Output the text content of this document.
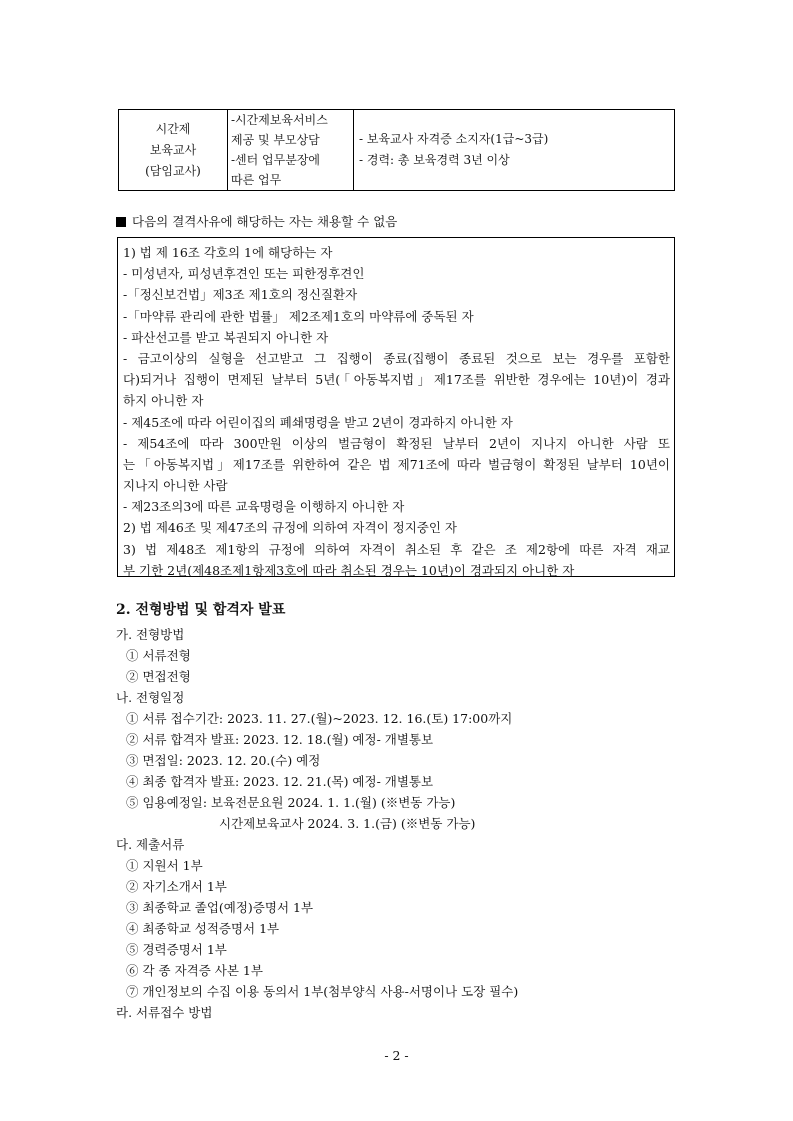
시간제
보육교사
(담임교사)

-시간제보육서비스
제공 및 부모상담
-센터 업무분장에
따른 업무

- 보육교사 자격증 소지자(1급~3급)
- 경력: 총 보육경력 3년 이상
다음의 결격사유에 해당하는 자는 채용할 수 없음
1) 법 제 16조 각호의 1에 해당하는 자
- 미성년자, 피성년후견인 또는 피한정후견인
-「정신보건법」제3조 제1호의 정신질환자
-「마약류 관리에 관한 법률」 제2조제1호의 마약류에 중독된 자
- 파산선고를 받고 복권되지 아니한 자
- 금고이상의 실형을 선고받고 그 집행이 종료(집행이 종료된 것으로 보는 경우를 포함한
다)되거나 집행이 면제된 날부터 5년(「아동복지법」제17조를 위반한 경우에는 10년)이 경과
하지 아니한 자
- 제45조에 따라 어린이집의 폐쇄명령을 받고 2년이 경과하지 아니한 자
- 제54조에 따라 300만원 이상의 벌금형이 확정된 날부터 2년이 지나지 아니한 사람 또
는「아동복지법」제17조를 위한하여 같은 법 제71조에 따라 벌금형이 확정된 날부터 10년이
지나지 아니한 사람
- 제23조의3에 따른 교육명령을 이행하지 아니한 자
2) 법 제46조 및 제47조의 규정에 의하여 자격이 정지중인 자
3) 법 제48조 제1항의 규정에 의하여 자격이 취소된 후 같은 조 제2항에 따른 자격 재교
부 기한 2년(제48조제1항제3호에 따라 취소된 경우는 10년)이 경과되지 아니한 자
2. 전형방법 및 합격자 발표
가. 전형방법
① 서류전형
② 면접전형
나. 전형일정
① 서류 접수기간: 2023. 11. 27.(월)~2023. 12. 16.(토) 17:00까지
② 서류 합격자 발표: 2023. 12. 18.(월) 예정- 개별통보
③ 면접일: 2023. 12. 20.(수) 예정
④ 최종 합격자 발표: 2023. 12. 21.(목) 예정- 개별통보
⑤ 임용예정일: 보육전문요원 2024. 1. 1.(월) (※변동 가능)
시간제보육교사 2024. 3. 1.(금) (※변동 가능)
다. 제출서류
① 지원서 1부
② 자기소개서 1부
③ 최종학교 졸업(예정)증명서 1부
④ 최종학교 성적증명서 1부
⑤ 경력증명서 1부
⑥ 각 종 자격증 사본 1부
⑦ 개인정보의 수집 이용 동의서 1부(첨부양식 사용-서명이나 도장 필수)
라. 서류접수 방법
- 2 -
